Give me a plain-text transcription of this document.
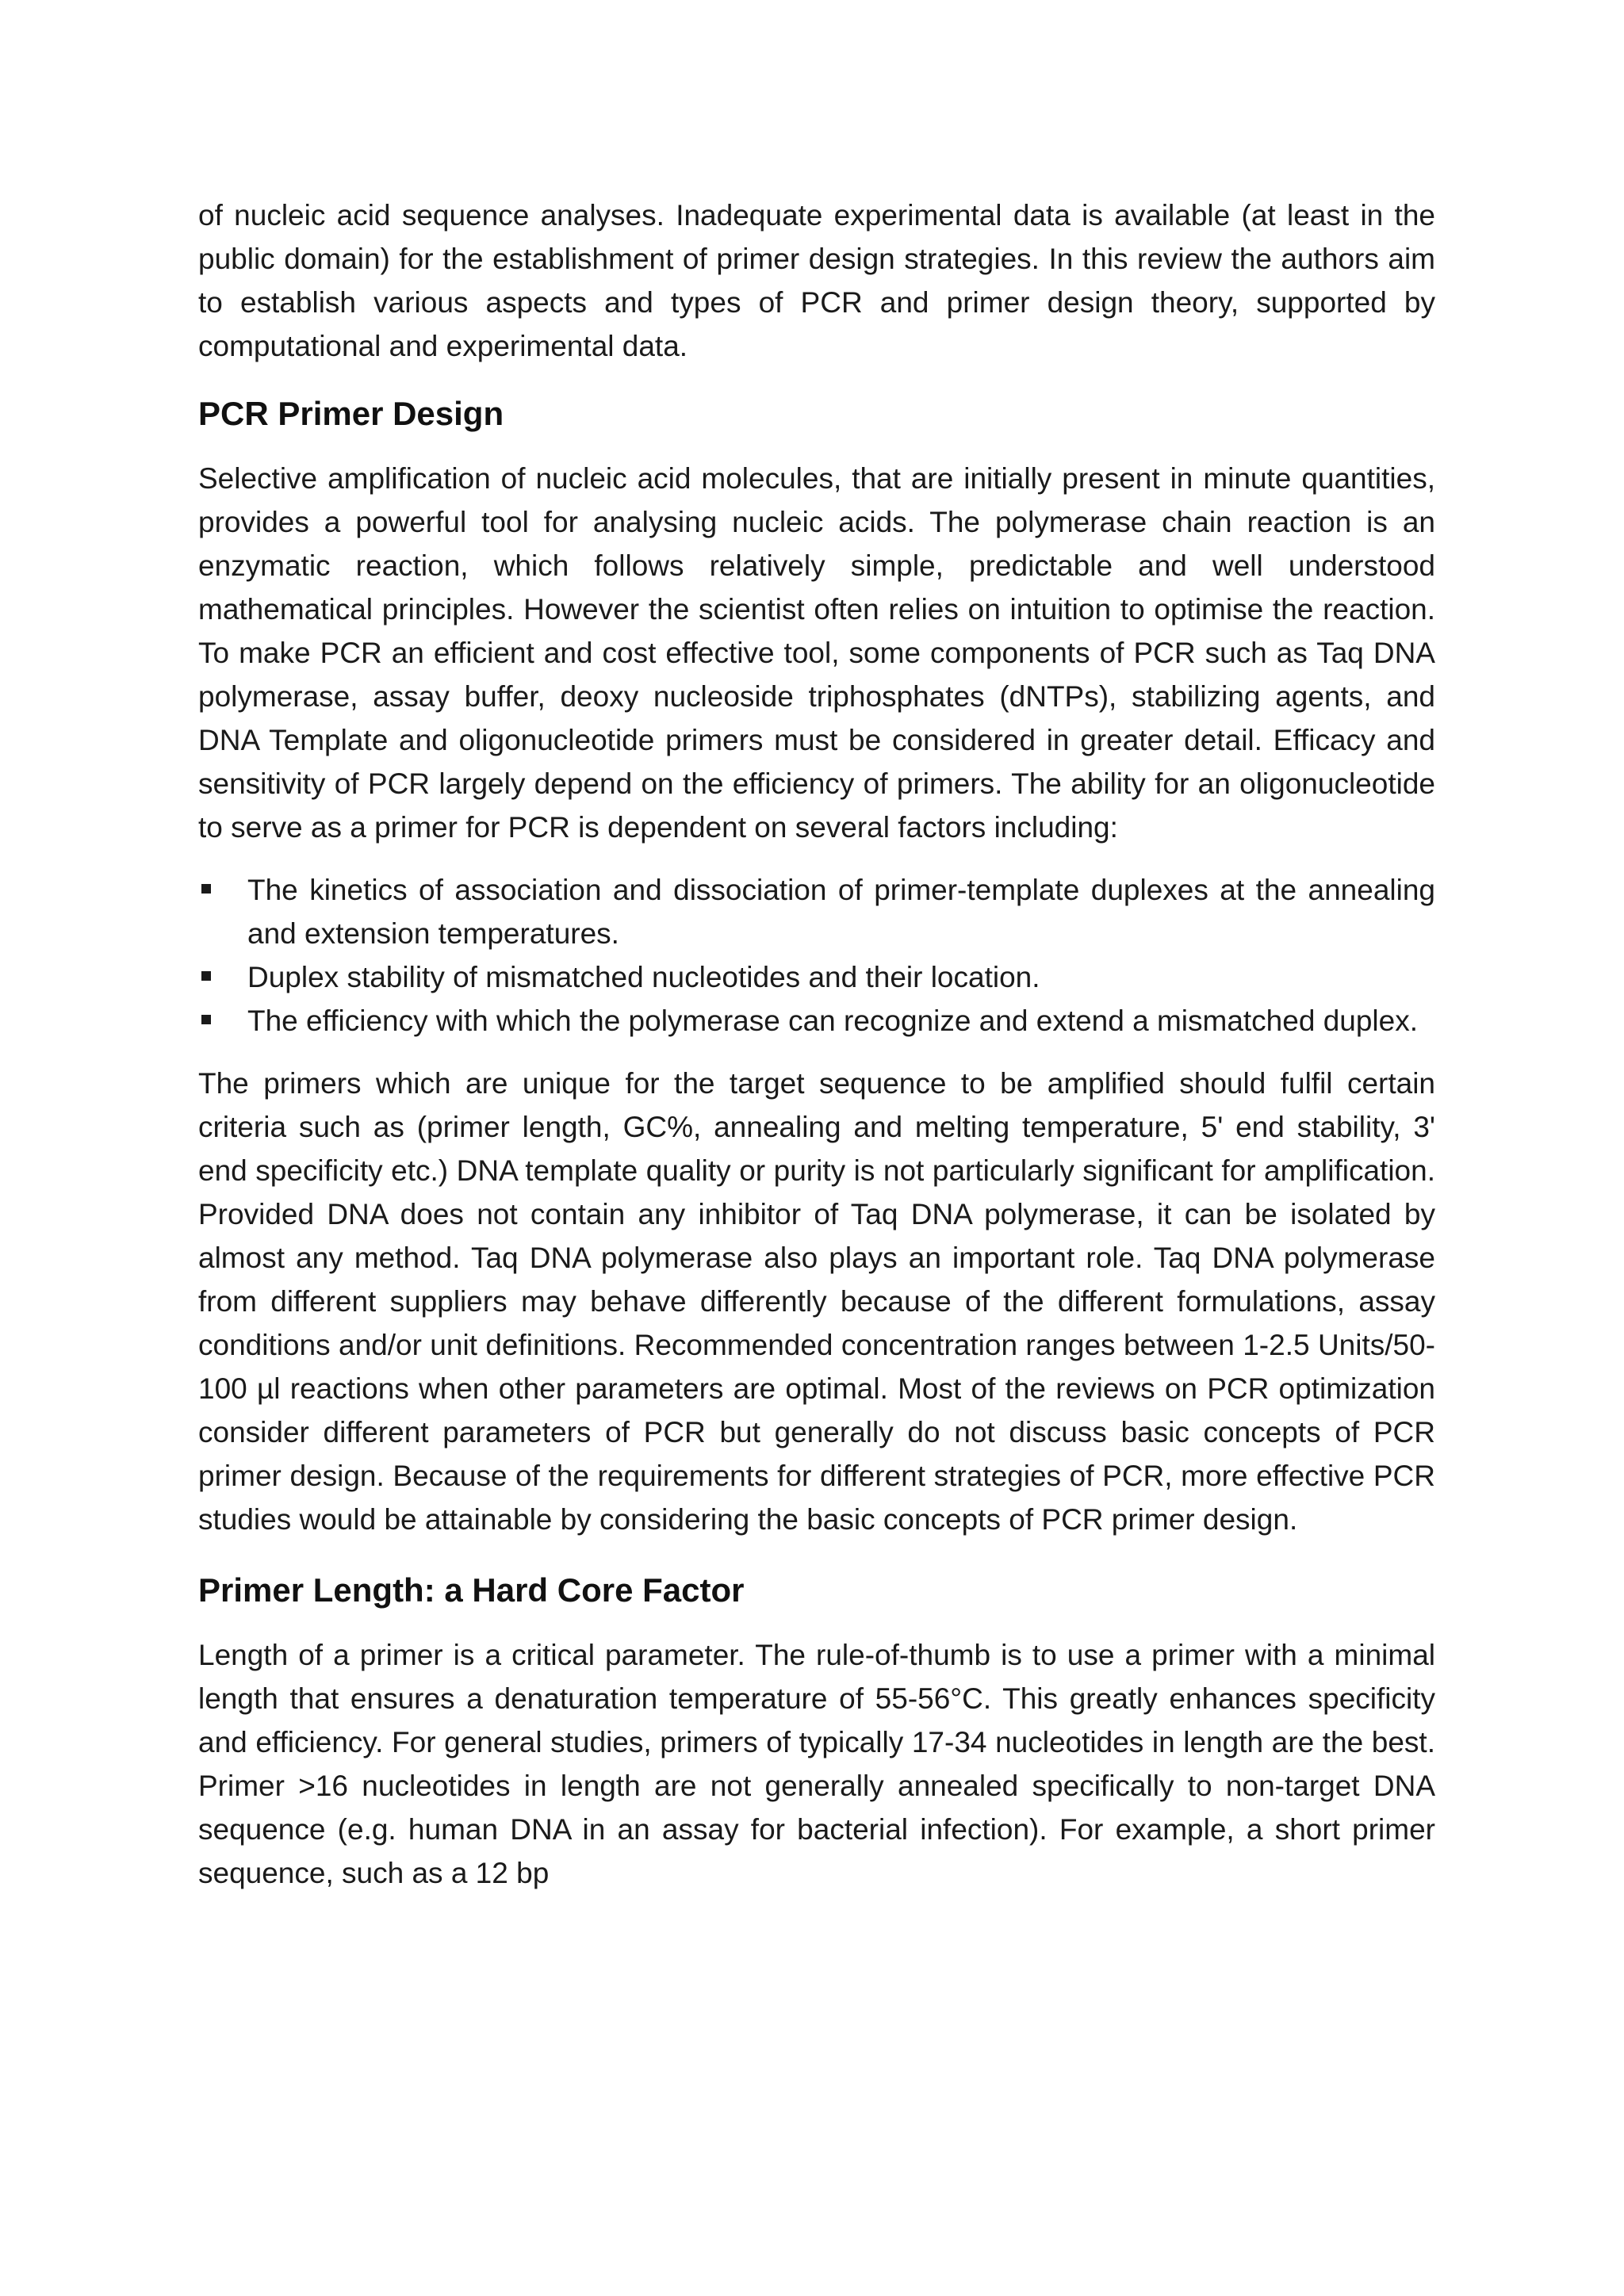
of nucleic acid sequence analyses. Inadequate experimental data is available (at least in the public domain) for the establishment of primer design strategies. In this review the authors aim to establish various aspects and types of PCR and primer design theory, supported by computational and experimental data.

PCR Primer Design

Selective amplification of nucleic acid molecules, that are initially present in minute quantities, provides a powerful tool for analysing nucleic acids. The polymerase chain reaction is an enzymatic reaction, which follows relatively simple, predictable and well understood mathematical principles. However the scientist often relies on intuition to optimise the reaction. To make PCR an efficient and cost effective tool, some components of PCR such as Taq DNA polymerase, assay buffer, deoxy nucleoside triphosphates (dNTPs), stabilizing agents, and DNA Template and oligonucleotide primers must be considered in greater detail. Efficacy and sensitivity of PCR largely depend on the efficiency of primers. The ability for an oligonucleotide to serve as a primer for PCR is dependent on several factors including:

The kinetics of association and dissociation of primer-template duplexes at the annealing and extension temperatures.
Duplex stability of mismatched nucleotides and their location.
The efficiency with which the polymerase can recognize and extend a mismatched duplex.

The primers which are unique for the target sequence to be amplified should fulfil certain criteria such as (primer length, GC%, annealing and melting temperature, 5' end stability, 3' end specificity etc.) DNA template quality or purity is not particularly significant for amplification. Provided DNA does not contain any inhibitor of Taq DNA polymerase, it can be isolated by almost any method. Taq DNA polymerase also plays an important role. Taq DNA polymerase from different suppliers may behave differently because of the different formulations, assay conditions and/or unit definitions. Recommended concentration ranges between 1-2.5 Units/50-100 µl reactions when other parameters are optimal. Most of the reviews on PCR optimization consider different parameters of PCR but generally do not discuss basic concepts of PCR primer design. Because of the requirements for different strategies of PCR, more effective PCR studies would be attainable by considering the basic concepts of PCR primer design.

Primer Length: a Hard Core Factor

Length of a primer is a critical parameter. The rule-of-thumb is to use a primer with a minimal length that ensures a denaturation temperature of 55-56°C. This greatly enhances specificity and efficiency. For general studies, primers of typically 17-34 nucleotides in length are the best. Primer >16 nucleotides in length are not generally annealed specifically to non-target DNA sequence (e.g. human DNA in an assay for bacterial infection). For example, a short primer sequence, such as a 12 bp
